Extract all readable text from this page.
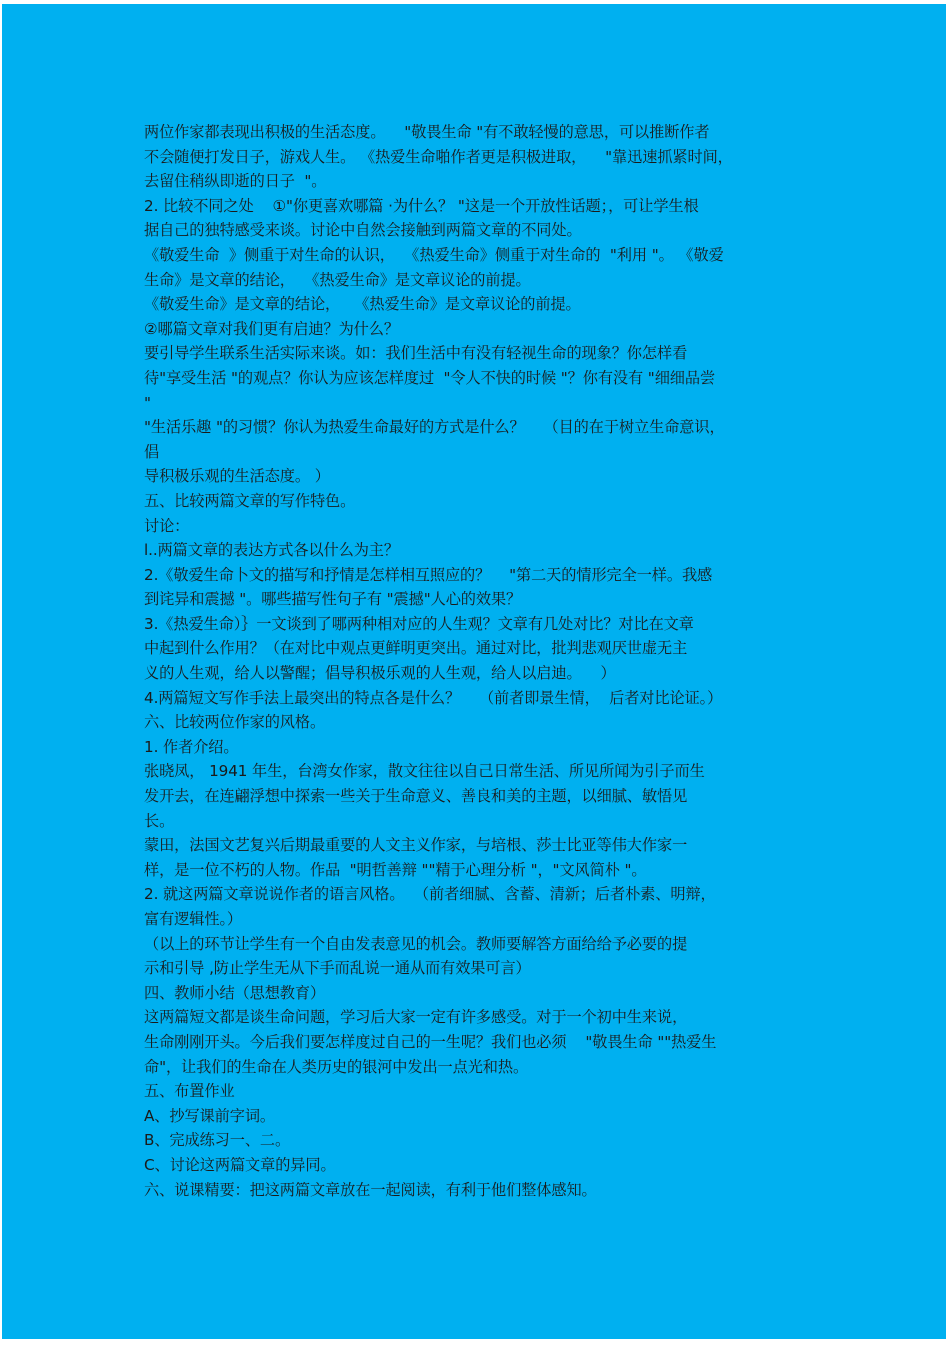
两位作家都表现出积极的生活态度。    "敬畏生命 "有不敢轻慢的意思，可以推断作者
不会随便打发日子，游戏人生。 《热爱生命啪作者更是积极进取，    "靠迅速抓紧时间，
去留住稍纵即逝的日子  "。
2. 比较不同之处    ①"你更喜欢哪篇 ·为什么？ "这是一个开放性话题；，可让学生根
据自己的独特感受来谈。讨论中自然会接触到两篇文章的不同处。
《敬爱生命  》侧重于对生命的认识，  《热爱生命》侧重于对生命的  "利用 "。 《敬爱
生命》是文章的结论，  《热爱生命》是文章议论的前提。
《敬爱生命》是文章的结论，   《热爱生命》是文章议论的前提。
②哪篇文章对我们更有启迪？为什么？
要引导学生联系生活实际来谈。如：我们生活中有没有轻视生命的现象？你怎样看
待"享受生活 "的观点？你认为应该怎样度过  "令人不快的时候 "？你有没有 "细细品尝
"
"生活乐趣 "的习惯？你认为热爱生命最好的方式是什么？    （目的在于树立生命意识，
倡
导积极乐观的生活态度。 ）
五、比较两篇文章的写作特色。
讨论：
l..两篇文章的表达方式各以什么为主？
2.《敬爱生命卜文的描写和抒情是怎样相互照应的？    "第二天的情形完全一样。我感
到诧异和震撼 "。哪些描写性句子有 "震撼"人心的效果？
3.《热爱生命）｝一文谈到了哪两种相对应的人生观？文章有几处对比？对比在文章
中起到什么作用？（在对比中观点更鲜明更突出。通过对比，批判悲观厌世虚无主
义的人生观，给人以警醒；倡导积极乐观的人生观，给人以启迪。    ）
4.两篇短文写作手法上最突出的特点各是什么？    （前者即景生情，  后者对比论证。）
六、比较两位作家的风格。
1. 作者介绍。
张晓凤， 1941 年生，台湾女作家，散文往往以自己日常生活、所见所闻为引子而生
发开去，在连翩浮想中探索一些关于生命意义、善良和美的主题，以细腻、敏悟见
长。
蒙田，法国文艺复兴后期最重要的人文主义作家，与培根、莎士比亚等伟大作家一
样，是一位不朽的人物。作品  "明哲善辩 ""精于心理分析 "，"文风简朴 "。
2. 就这两篇文章说说作者的语言风格。  （前者细腻、含蓄、清新；后者朴素、明辩，
富有逻辑性。）
（以上的环节让学生有一个自由发表意见的机会。教师要解答方面给给予必要的提
示和引导 ,防止学生无从下手而乱说一通从而有效果可言）
四、教师小结（思想教育）
这两篇短文都是谈生命问题，学习后大家一定有许多感受。对于一个初中生来说，
生命刚刚开头。今后我们要怎样度过自己的一生呢？我们也必须    "敬畏生命 ""热爱生
命"，让我们的生命在人类历史的银河中发出一点光和热。
五、布置作业
A、抄写课前字词。
B、完成练习一、二。
C、讨论这两篇文章的异同。
六、说课精要：把这两篇文章放在一起阅读，有利于他们整体感知。
